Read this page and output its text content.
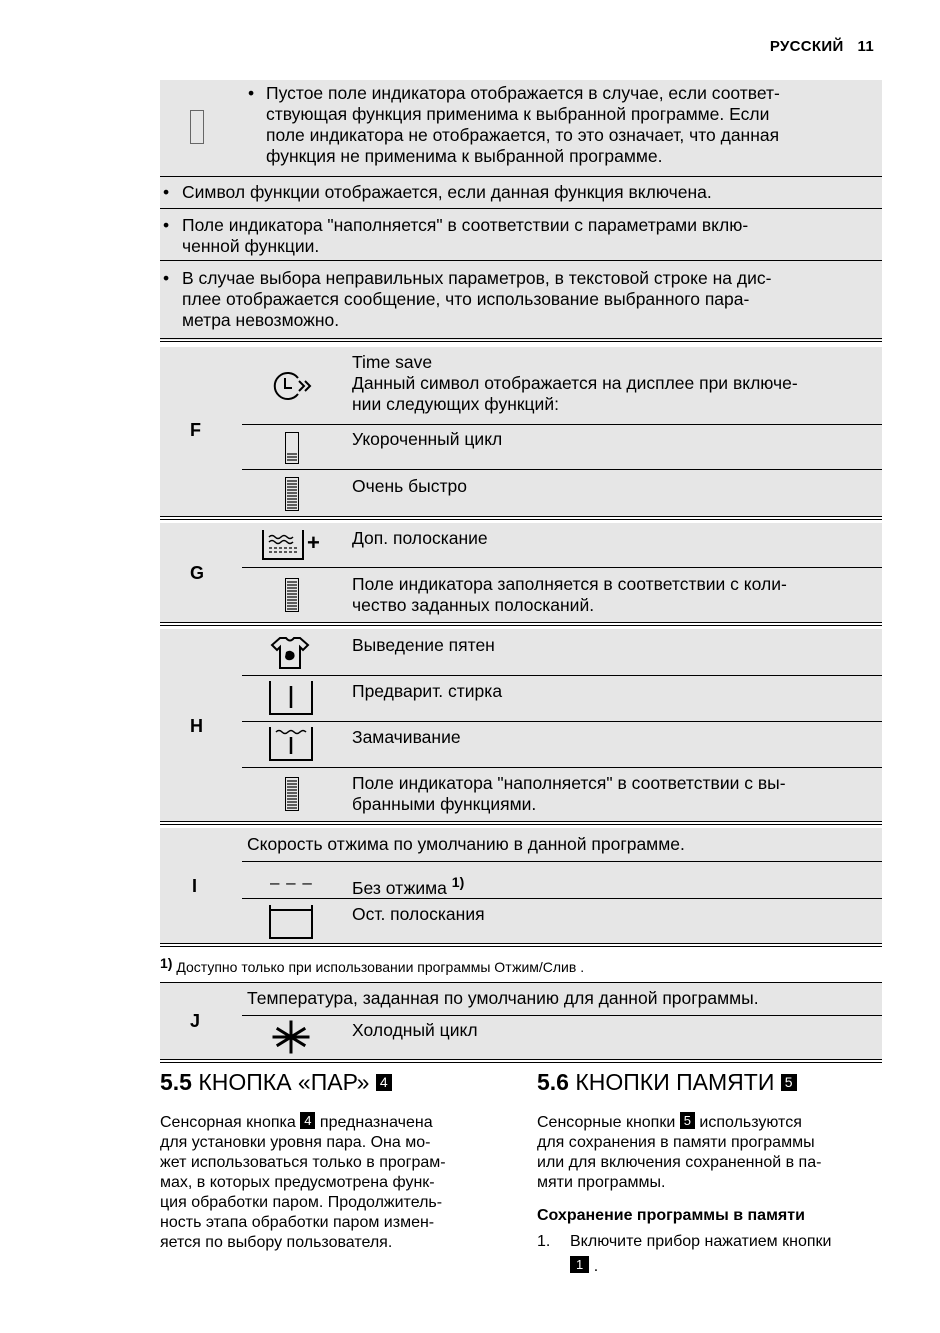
РУССКИЙ 11
• Пустое поле индикатора отображается в случае, если соответ-
ствующая функция применима к выбранной программе. Если
поле индикатора не отображается, то это означает, что данная
функция не применима к выбранной программе.
• Символ функции отображается, если данная функция включена.
• Поле индикатора "наполняется" в соответствии с параметрами вклю-
ченной функции.
• В случае выбора неправильных параметров, в текстовой строке на дис-
плее отображается сообщение, что использование выбранного пара-
метра невозможно.
F
Time save
Данный символ отображается на дисплее при включе-
нии следующих функций:
Укороченный цикл
Очень быстро
G
+ Доп. полоскание
Поле индикатора заполняется в соответствии с коли-
чество заданных полосканий.
H
Выведение пятен
Предварит. стирка
Замачивание
Поле индикатора "наполняется" в соответствии с вы-
бранными функциями.
I
Скорость отжима по умолчанию в данной программе.
– – – Без отжима $^{1)}$
Ост. полоскания
$^{1)}$ Доступно только при использовании программы Отжим/Слив .
J
Температура, заданная по умолчанию для данной программы.
Холодный цикл
5.5 КНОПКА «ПАР» 4
Сенсорная кнопка 4 предназначена
для установки уровня пара. Она мо-
жет использоваться только в програм-
мах, в которых предусмотрена функ-
ция обработки паром. Продолжитель-
ность этапа обработки паром измен-
яется по выбору пользователя.
5.6 КНОПКИ ПАМЯТИ 5
Сенсорные кнопки 5 используются
для сохранения в памяти программы
или для включения сохраненной в па-
мяти программы.
Сохранение программы в памяти
1. Включите прибор нажатием кнопки
1 .
